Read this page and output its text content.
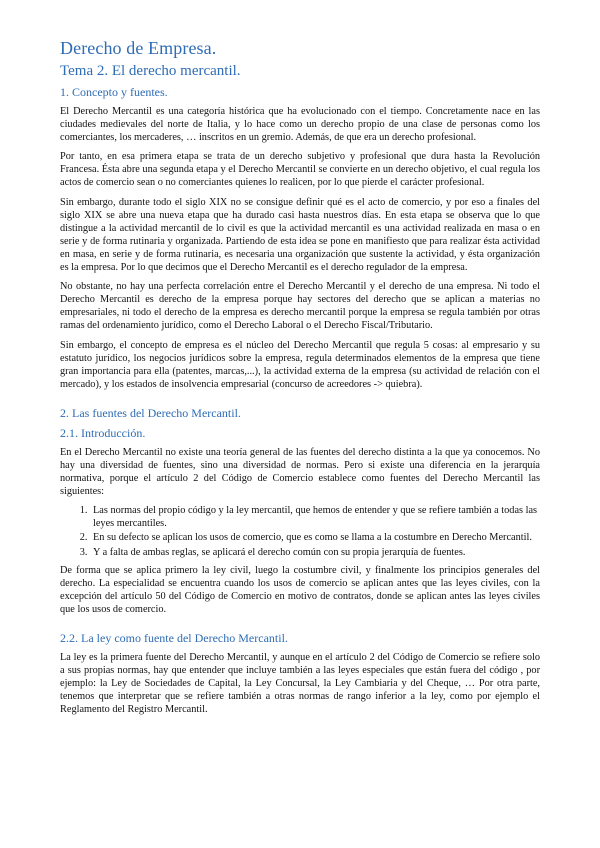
Derecho de Empresa.
Tema 2. El derecho mercantil.
1. Concepto y fuentes.

El Derecho Mercantil es una categoría histórica que ha evolucionado con el tiempo. Concretamente nace en las ciudades medievales del norte de Italia, y lo hace como un derecho propio de una clase de personas como los comerciantes, los mercaderes, … inscritos en un gremio. Además, de que era un derecho profesional.

Por tanto, en esa primera etapa se trata de un derecho subjetivo y profesional que dura hasta la Revolución Francesa. Ésta abre una segunda etapa y el Derecho Mercantil se convierte en un derecho objetivo, el cual regula los actos de comercio sean o no comerciantes quienes lo realicen, por lo que pierde el carácter profesional.

Sin embargo, durante todo el siglo XIX no se consigue definir qué es el acto de comercio, y por eso a finales del siglo XIX se abre una nueva etapa que ha durado casi hasta nuestros días. En esta etapa se observa que lo que distingue a la actividad mercantil de lo civil es que la actividad mercantil es una actividad realizada en masa o en serie y de forma rutinaria y organizada. Partiendo de esta idea se pone en manifiesto que para realizar ésta actividad en masa, en serie y de forma rutinaria, es necesaria una organización que sustente la actividad, y ésta organización es la empresa. Por lo que decimos que el Derecho Mercantil es el derecho regulador de la empresa.

No obstante, no hay una perfecta correlación entre el Derecho Mercantil y el derecho de una empresa. Ni todo el Derecho Mercantil es derecho de la empresa porque hay sectores del derecho que se aplican a materias no empresariales, ni todo el derecho de la empresa es derecho mercantil porque la empresa se regula también por otras ramas del ordenamiento jurídico, como el Derecho Laboral o el Derecho Fiscal/Tributario.

Sin embargo, el concepto de empresa es el núcleo del Derecho Mercantil que regula 5 cosas: al empresario y su estatuto jurídico, los negocios jurídicos sobre la empresa, regula determinados elementos de la empresa que tiene gran importancia para ella (patentes, marcas,...), la actividad externa de la empresa (su actividad de relación con el mercado), y los estados de insolvencia empresarial (concurso de acreedores -> quiebra).

2. Las fuentes del Derecho Mercantil.
2.1. Introducción.

En el Derecho Mercantil no existe una teoría general de las fuentes del derecho distinta a la que ya conocemos. No hay una diversidad de fuentes, sino una diversidad de normas. Pero si existe una diferencia en la jerarquía normativa, porque el artículo 2 del Código de Comercio establece como fuentes del Derecho Mercantil las siguientes:

1. Las normas del propio código y la ley mercantil, que hemos de entender y que se refiere también a todas las leyes mercantiles.
2. En su defecto se aplican los usos de comercio, que es como se llama a la costumbre en Derecho Mercantil.
3. Y a falta de ambas reglas, se aplicará el derecho común con su propia jerarquía de fuentes.

De forma que se aplica primero la ley civil, luego la costumbre civil, y finalmente los principios generales del derecho. La especialidad se encuentra cuando los usos de comercio se aplican antes que las leyes civiles, con la excepción del artículo 50 del Código de Comercio en motivo de contratos, donde se aplican antes las leyes civiles que los usos de comercio.

2.2. La ley como fuente del Derecho Mercantil.

La ley es la primera fuente del Derecho Mercantil, y aunque en el artículo 2 del Código de Comercio se refiere solo a sus propias normas, hay que entender que incluye también a las leyes especiales que están fuera del código , por ejemplo: la Ley de Sociedades de Capital, la Ley Concursal, la Ley Cambiaria y del Cheque, … Por otra parte, tenemos que interpretar que se refiere también a otras normas de rango inferior a la ley, como por ejemplo el Reglamento del Registro Mercantil.
